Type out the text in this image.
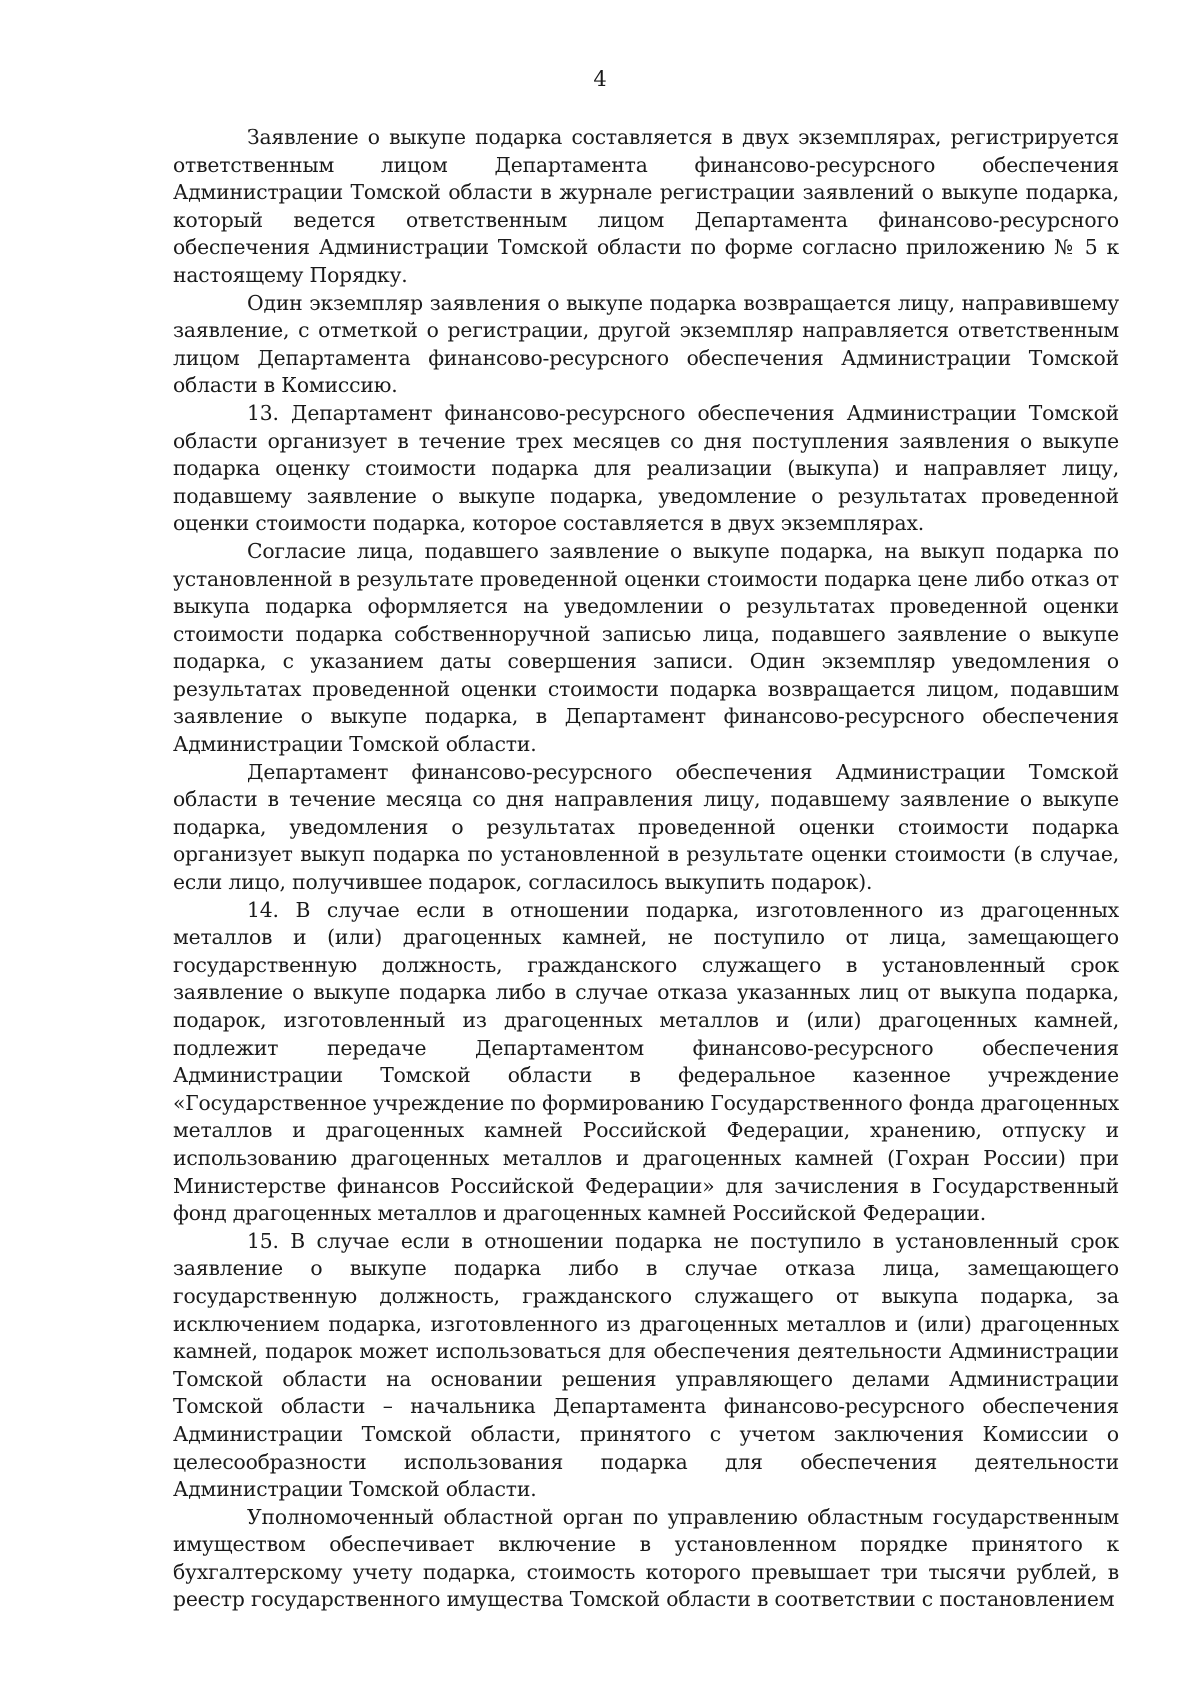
4

Заявление о выкупе подарка составляется в двух экземплярах, регистрируется ответственным лицом Департамента финансово-ресурсного обеспечения Администрации Томской области в журнале регистрации заявлений о выкупе подарка, который ведется ответственным лицом Департамента финансово-ресурсного обеспечения Администрации Томской области по форме согласно приложению № 5 к настоящему Порядку.

Один экземпляр заявления о выкупе подарка возвращается лицу, направившему заявление, с отметкой о регистрации, другой экземпляр направляется ответственным лицом Департамента финансово-ресурсного обеспечения Администрации Томской области в Комиссию.

13. Департамент финансово-ресурсного обеспечения Администрации Томской области организует в течение трех месяцев со дня поступления заявления о выкупе подарка оценку стоимости подарка для реализации (выкупа) и направляет лицу, подавшему заявление о выкупе подарка, уведомление о результатах проведенной оценки стоимости подарка, которое составляется в двух экземплярах.

Согласие лица, подавшего заявление о выкупе подарка, на выкуп подарка по установленной в результате проведенной оценки стоимости подарка цене либо отказ от выкупа подарка оформляется на уведомлении о результатах проведенной оценки стоимости подарка собственноручной записью лица, подавшего заявление о выкупе подарка, с указанием даты совершения записи. Один экземпляр уведомления о результатах проведенной оценки стоимости подарка возвращается лицом, подавшим заявление о выкупе подарка, в Департамент финансово-ресурсного обеспечения Администрации Томской области.

Департамент финансово-ресурсного обеспечения Администрации Томской области в течение месяца со дня направления лицу, подавшему заявление о выкупе подарка, уведомления о результатах проведенной оценки стоимости подарка организует выкуп подарка по установленной в результате оценки стоимости (в случае, если лицо, получившее подарок, согласилось выкупить подарок).

14. В случае если в отношении подарка, изготовленного из драгоценных металлов и (или) драгоценных камней, не поступило от лица, замещающего государственную должность, гражданского служащего в установленный срок заявление о выкупе подарка либо в случае отказа указанных лиц от выкупа подарка, подарок, изготовленный из драгоценных металлов и (или) драгоценных камней, подлежит передаче Департаментом финансово-ресурсного обеспечения Администрации Томской области в федеральное казенное учреждение «Государственное учреждение по формированию Государственного фонда драгоценных металлов и драгоценных камней Российской Федерации, хранению, отпуску и использованию драгоценных металлов и драгоценных камней (Гохран России) при Министерстве финансов Российской Федерации» для зачисления в Государственный фонд драгоценных металлов и драгоценных камней Российской Федерации.

15. В случае если в отношении подарка не поступило в установленный срок заявление о выкупе подарка либо в случае отказа лица, замещающего государственную должность, гражданского служащего от выкупа подарка, за исключением подарка, изготовленного из драгоценных металлов и (или) драгоценных камней, подарок может использоваться для обеспечения деятельности Администрации Томской области на основании решения управляющего делами Администрации Томской области – начальника Департамента финансово-ресурсного обеспечения Администрации Томской области, принятого с учетом заключения Комиссии о целесообразности использования подарка для обеспечения деятельности Администрации Томской области.

Уполномоченный областной орган по управлению областным государственным имуществом обеспечивает включение в установленном порядке принятого к бухгалтерскому учету подарка, стоимость которого превышает три тысячи рублей, в реестр государственного имущества Томской области в соответствии с постановлением
